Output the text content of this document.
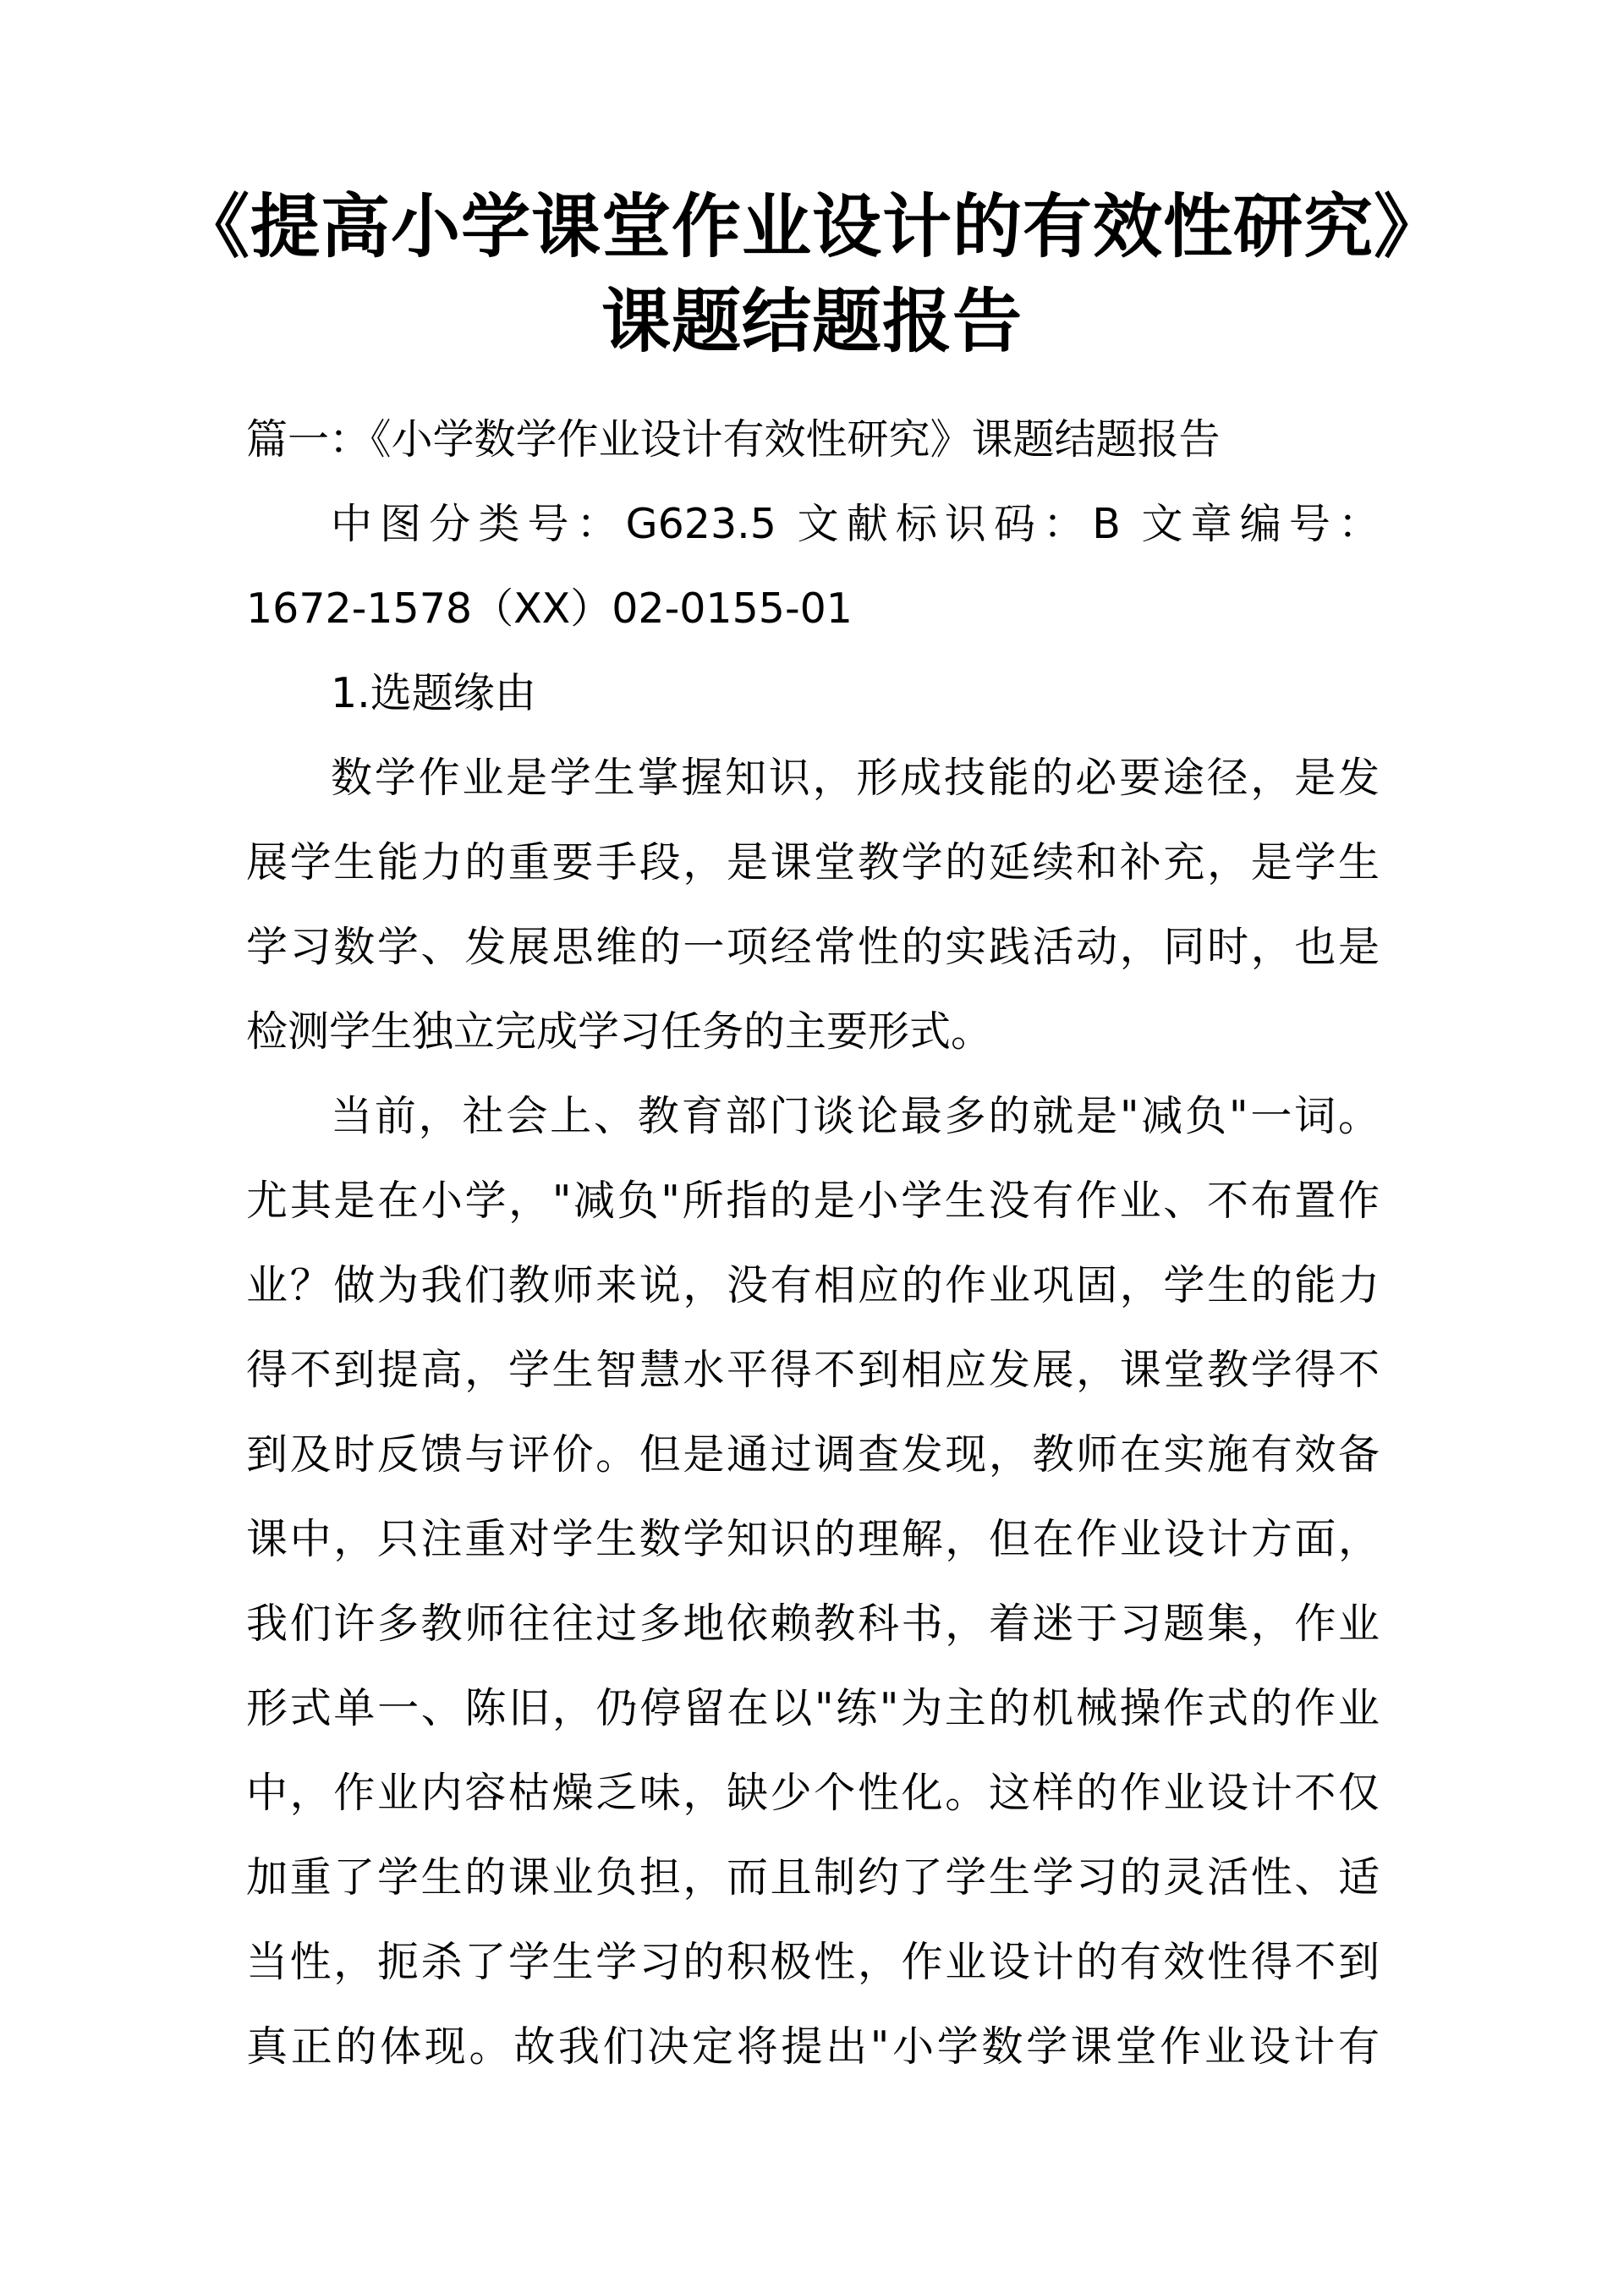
《提高小学课堂作业设计的有效性研究》
课题结题报告
篇一：《小学数学作业设计有效性研究》课题结题报告
中图分类号：G623.5 文献标识码：B 文章编号：
1672-1578（XX）02-0155-01
1.选题缘由
数学作业是学生掌握知识，形成技能的必要途径，是发
展学生能力的重要手段，是课堂教学的延续和补充，是学生
学习数学、发展思维的一项经常性的实践活动，同时，也是
检测学生独立完成学习任务的主要形式。
当前，社会上、教育部门谈论最多的就是"减负"一词。
尤其是在小学，"减负"所指的是小学生没有作业、不布置作
业？做为我们教师来说，没有相应的作业巩固，学生的能力
得不到提高，学生智慧水平得不到相应发展，课堂教学得不
到及时反馈与评价。但是通过调查发现，教师在实施有效备
课中，只注重对学生数学知识的理解，但在作业设计方面，
我们许多教师往往过多地依赖教科书，着迷于习题集，作业
形式单一、陈旧，仍停留在以"练"为主的机械操作式的作业
中，作业内容枯燥乏味，缺少个性化。这样的作业设计不仅
加重了学生的课业负担，而且制约了学生学习的灵活性、适
当性，扼杀了学生学习的积极性，作业设计的有效性得不到
真正的体现。故我们决定将提出"小学数学课堂作业设计有
